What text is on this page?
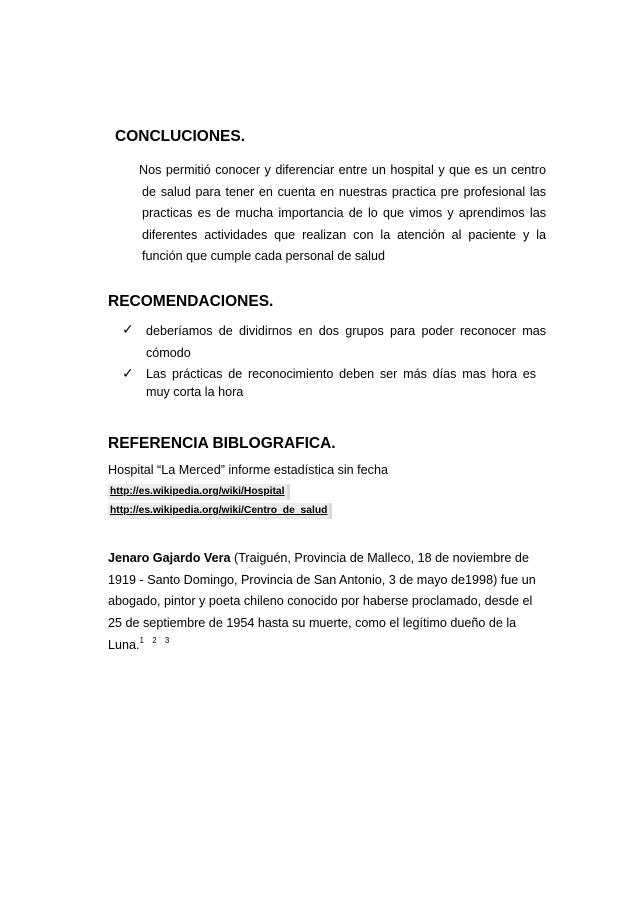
CONCLUCIONES.
Nos permitió conocer y diferenciar entre un hospital y que es un centro de salud para tener en cuenta en nuestras practica pre profesional las practicas es de mucha importancia de lo que vimos y aprendimos las diferentes actividades que realizan con la atención al paciente y la función que cumple cada personal de salud
RECOMENDACIONES.
✓ deberíamos de dividirnos en dos grupos para poder reconocer mas cómodo
✓ Las prácticas de reconocimiento deben ser más días mas hora es muy corta la hora
REFERENCIA BIBLOGRAFICA.
Hospital “La Merced” informe estadística sin fecha
http://es.wikipedia.org/wiki/Hospital
http://es.wikipedia.org/wiki/Centro_de_salud
Jenaro Gajardo Vera (Traiguén, Provincia de Malleco, 18 de noviembre de 1919 - Santo Domingo, Provincia de San Antonio, 3 de mayo de1998) fue un abogado, pintor y poeta chileno conocido por haberse proclamado, desde el 25 de septiembre de 1954 hasta su muerte, como el legítimo dueño de la Luna.$^{1 2 3}$
